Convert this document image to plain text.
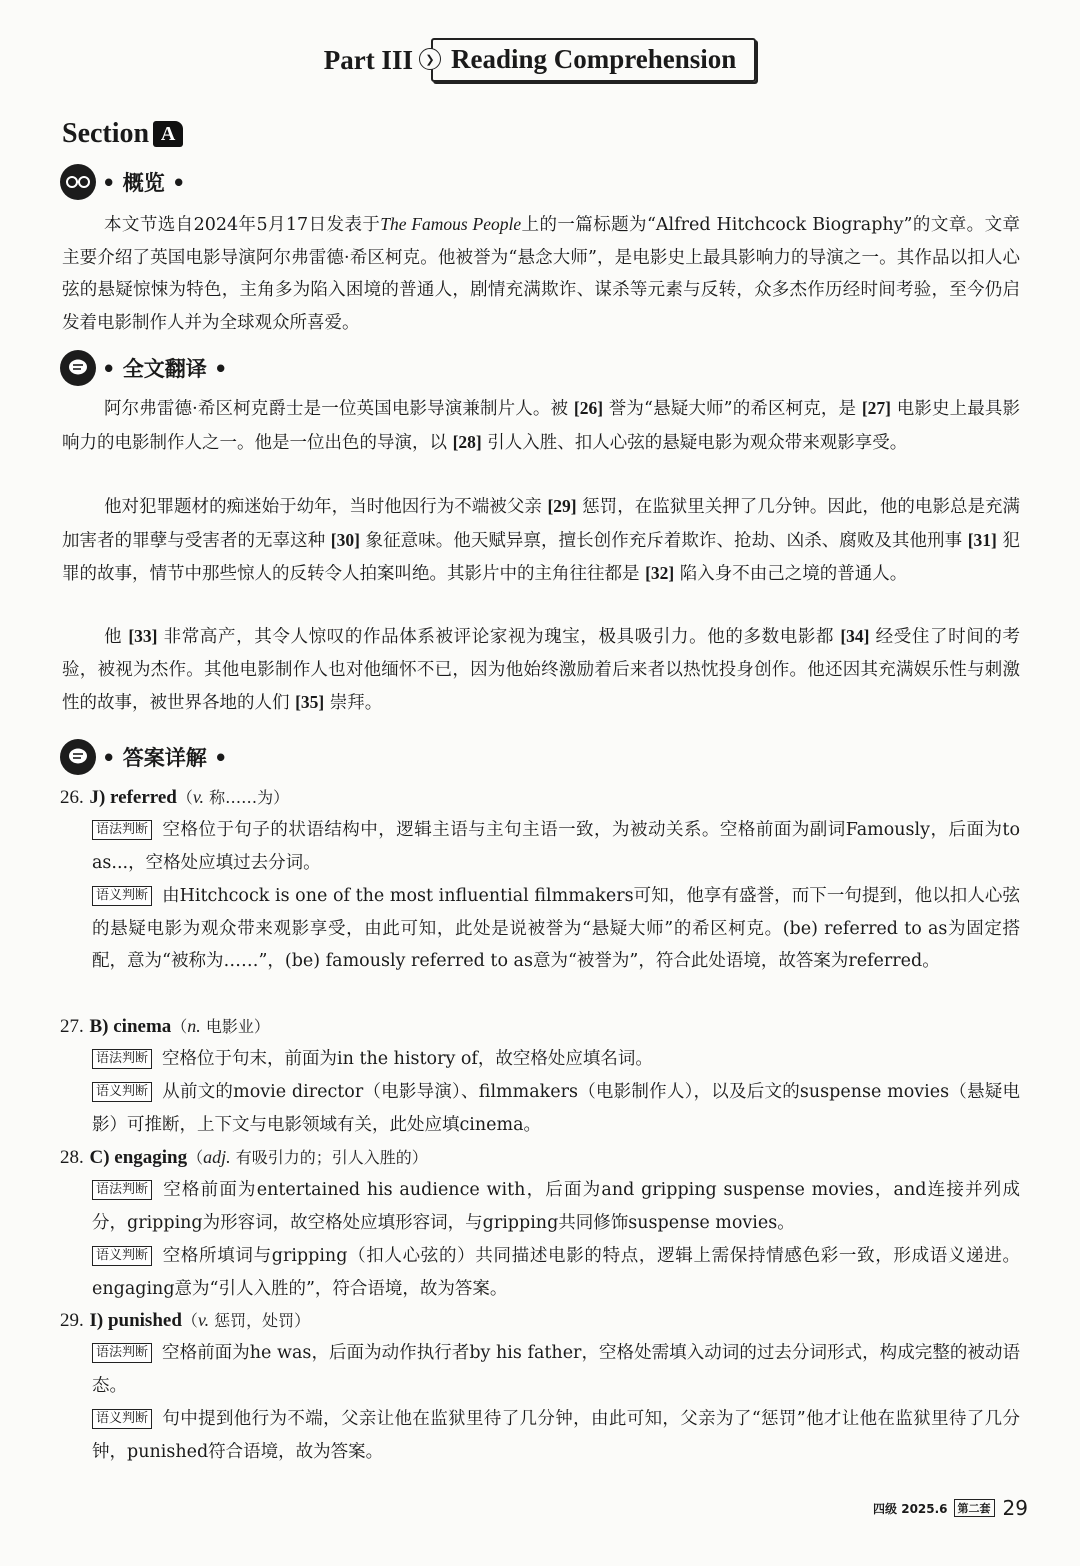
Part III	❯ Reading Comprehension
Section A
• 概览 •

本文节选自2024年5月17日发表于The Famous People上的一篇标题为“Alfred Hitchcock Biography”的文章。文章主要介绍了英国电影导演阿尔弗雷德·希区柯克。他被誉为“悬念大师”，是电影史上最具影响力的导演之一。其作品以扣人心弦的悬疑惊悚为特色，主角多为陷入困境的普通人，剧情充满欺诈、谋杀等元素与反转，众多杰作历经时间考验，至今仍启发着电影制作人并为全球观众所喜爱。

• 全文翻译 •

阿尔弗雷德·希区柯克爵士是一位英国电影导演兼制片人。被 [26] 誉为“悬疑大师”的希区柯克，是 [27] 电影史上最具影响力的电影制作人之一。他是一位出色的导演，以 [28] 引人入胜、扣人心弦的悬疑电影为观众带来观影享受。

他对犯罪题材的痴迷始于幼年，当时他因行为不端被父亲 [29] 惩罚，在监狱里关押了几分钟。因此，他的电影总是充满加害者的罪孽与受害者的无辜这种 [30] 象征意味。他天赋异禀，擅长创作充斥着欺诈、抢劫、凶杀、腐败及其他刑事 [31] 犯罪的故事，情节中那些惊人的反转令人拍案叫绝。其影片中的主角往往都是 [32] 陷入身不由己之境的普通人。

他 [33] 非常高产，其令人惊叹的作品体系被评论家视为瑰宝，极具吸引力。他的多数电影都 [34] 经受住了时间的考验，被视为杰作。其他电影制作人也对他缅怀不已，因为他始终激励着后来者以热忱投身创作。他还因其充满娱乐性与刺激性的故事，被世界各地的人们 [35] 崇拜。

• 答案详解 •
26. J) referred（v. 称……为）

语法判断 空格位于句子的状语结构中，逻辑主语与主句主语一致，为被动关系。空格前面为副词Famously，后面为to as...，空格处应填过去分词。

语义判断 由Hitchcock is one of the most influential filmmakers可知，他享有盛誉，而下一句提到，他以扣人心弦的悬疑电影为观众带来观影享受，由此可知，此处是说被誉为“悬疑大师”的希区柯克。(be) referred to as为固定搭配，意为“被称为……”，(be) famously referred to as意为“被誉为”，符合此处语境，故答案为referred。

27. B) cinema（n. 电影业）

语法判断 空格位于句末，前面为in the history of，故空格处应填名词。

语义判断 从前文的movie director（电影导演）、filmmakers（电影制作人），以及后文的suspense movies（悬疑电影）可推断，上下文与电影领域有关，此处应填cinema。

28. C) engaging（adj. 有吸引力的；引人入胜的）

语法判断 空格前面为entertained his audience with，后面为and gripping suspense movies，and连接并列成分，gripping为形容词，故空格处应填形容词，与gripping共同修饰suspense movies。

语义判断 空格所填词与gripping（扣人心弦的）共同描述电影的特点，逻辑上需保持情感色彩一致，形成语义递进。engaging意为“引人入胜的”，符合语境，故为答案。

29. I) punished（v. 惩罚，处罚）

语法判断 空格前面为he was，后面为动作执行者by his father，空格处需填入动词的过去分词形式，构成完整的被动语态。

语义判断 句中提到他行为不端，父亲让他在监狱里待了几分钟，由此可知，父亲为了“惩罚”他才让他在监狱里待了几分钟，punished符合语境，故为答案。

四级 2025.6 第二套 29
